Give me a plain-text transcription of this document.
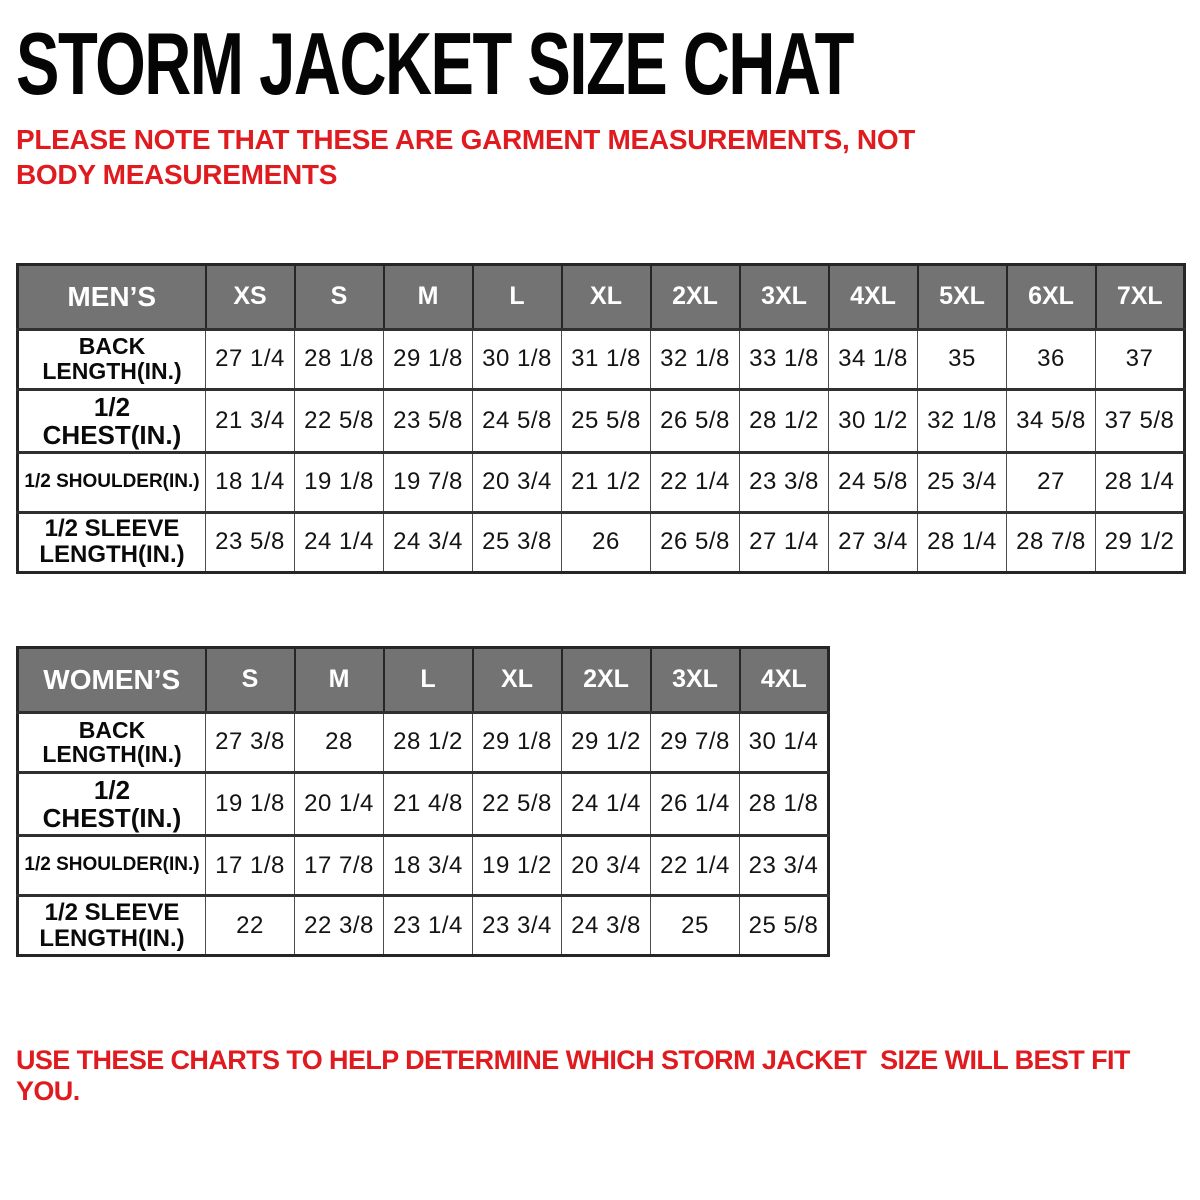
STORM JACKET SIZE CHAT
PLEASE NOTE THAT THESE ARE GARMENT MEASUREMENTS, NOT BODY MEASUREMENTS
MEN’S	XS	S	M	L	XL	2XL	3XL	4XL	5XL	6XL	7XL
BACK LENGTH(IN.)	27 1/4	28 1/8	29 1/8	30 1/8	31 1/8	32 1/8	33 1/8	34 1/8	35	36	37
1/2 CHEST(IN.)	21 3/4	22 5/8	23 5/8	24 5/8	25 5/8	26 5/8	28 1/2	30 1/2	32 1/8	34 5/8	37 5/8
1/2 SHOULDER(IN.)	18 1/4	19 1/8	19 7/8	20 3/4	21 1/2	22 1/4	23 3/8	24 5/8	25 3/4	27	28 1/4
1/2 SLEEVE LENGTH(IN.)	23 5/8	24 1/4	24 3/4	25 3/8	26	26 5/8	27 1/4	27 3/4	28 1/4	28 7/8	29 1/2
WOMEN’S	S	M	L	XL	2XL	3XL	4XL
BACK LENGTH(IN.)	27 3/8	28	28 1/2	29 1/8	29 1/2	29 7/8	30 1/4
1/2 CHEST(IN.)	19 1/8	20 1/4	21 4/8	22 5/8	24 1/4	26 1/4	28 1/8
1/2 SHOULDER(IN.)	17 1/8	17 7/8	18 3/4	19 1/2	20 3/4	22 1/4	23 3/4
1/2 SLEEVE LENGTH(IN.)	22	22 3/8	23 1/4	23 3/4	24 3/8	25	25 5/8
USE THESE CHARTS TO HELP DETERMINE WHICH STORM JACKET  SIZE WILL BEST FIT YOU.
